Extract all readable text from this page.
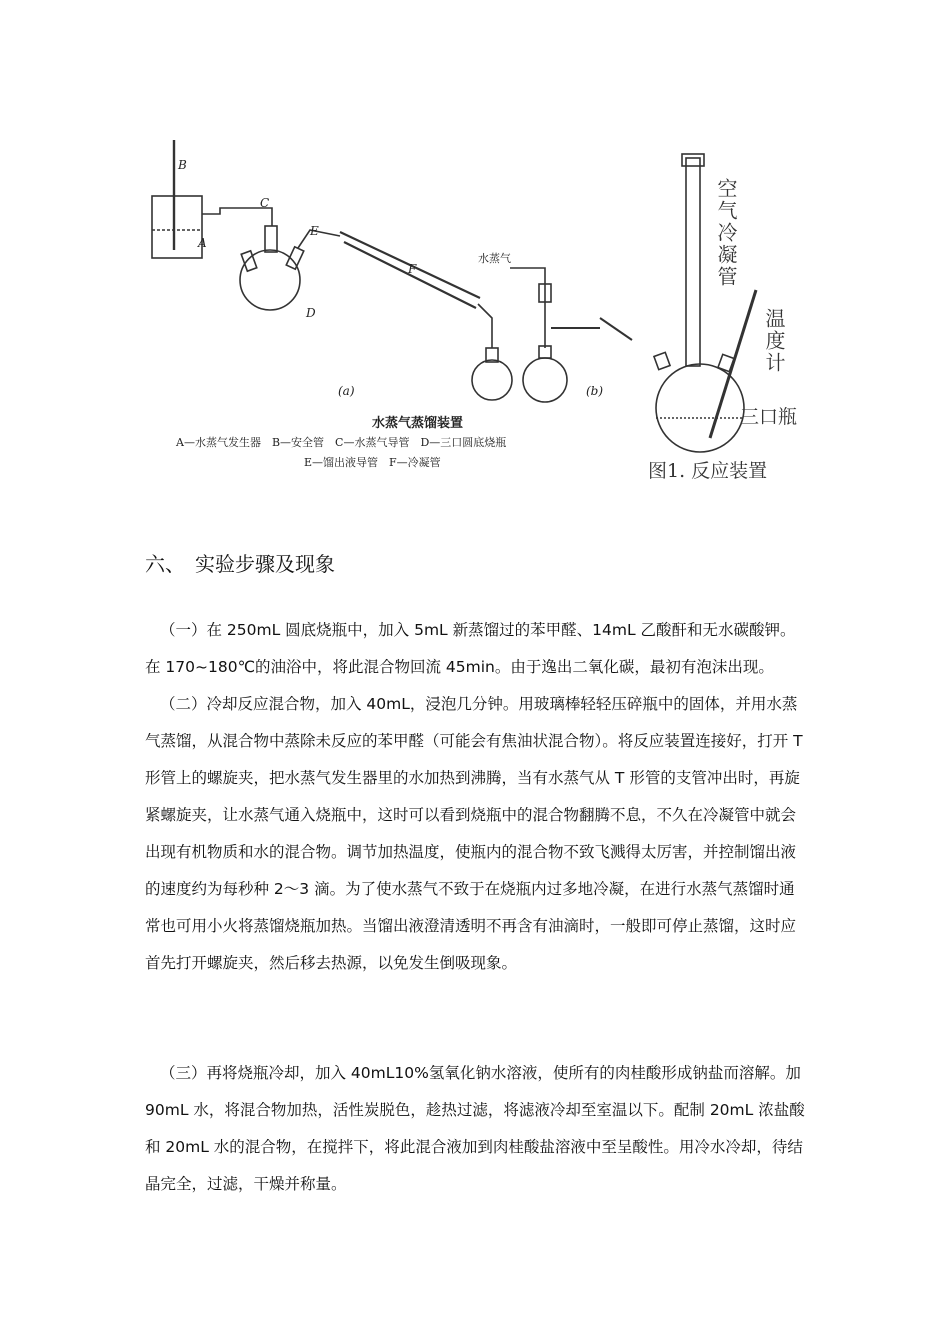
B
A
C
D
E
F
水蒸气
(a)	(b)
水蒸气蒸馏装置
A—水蒸气发生器　B—安全管　C—水蒸气导管　D—三口圆底烧瓶
E—馏出液导管　F—冷凝管
空气冷凝管
温度计
三口瓶
图1. 反应装置
六、　实验步骤及现象

（一）在 250mL 圆底烧瓶中，加入 5mL 新蒸馏过的苯甲醛、14mL 乙酸酐和无水碳酸钾。在 170~180℃的油浴中，将此混合物回流 45min。由于逸出二氧化碳，最初有泡沫出现。

（二）冷却反应混合物，加入 40mL，浸泡几分钟。用玻璃棒轻轻压碎瓶中的固体，并用水蒸气蒸馏，从混合物中蒸除未反应的苯甲醛（可能会有焦油状混合物）。将反应装置连接好，打开 T 形管上的螺旋夹，把水蒸气发生器里的水加热到沸腾，当有水蒸气从 T 形管的支管冲出时，再旋紧螺旋夹，让水蒸气通入烧瓶中，这时可以看到烧瓶中的混合物翻腾不息，不久在冷凝管中就会出现有机物质和水的混合物。调节加热温度，使瓶内的混合物不致飞溅得太厉害，并控制馏出液的速度约为每秒种 2～3 滴。为了使水蒸气不致于在烧瓶内过多地冷凝，在进行水蒸气蒸馏时通常也可用小火将蒸馏烧瓶加热。当馏出液澄清透明不再含有油滴时，一般即可停止蒸馏，这时应首先打开螺旋夹，然后移去热源，以免发生倒吸现象。

（三）再将烧瓶冷却，加入 40mL10%氢氧化钠水溶液，使所有的肉桂酸形成钠盐而溶解。加 90mL 水，将混合物加热，活性炭脱色，趁热过滤，将滤液冷却至室温以下。配制 20mL 浓盐酸和 20mL 水的混合物，在搅拌下，将此混合液加到肉桂酸盐溶液中至呈酸性。用冷水冷却，待结晶完全，过滤，干燥并称量。
